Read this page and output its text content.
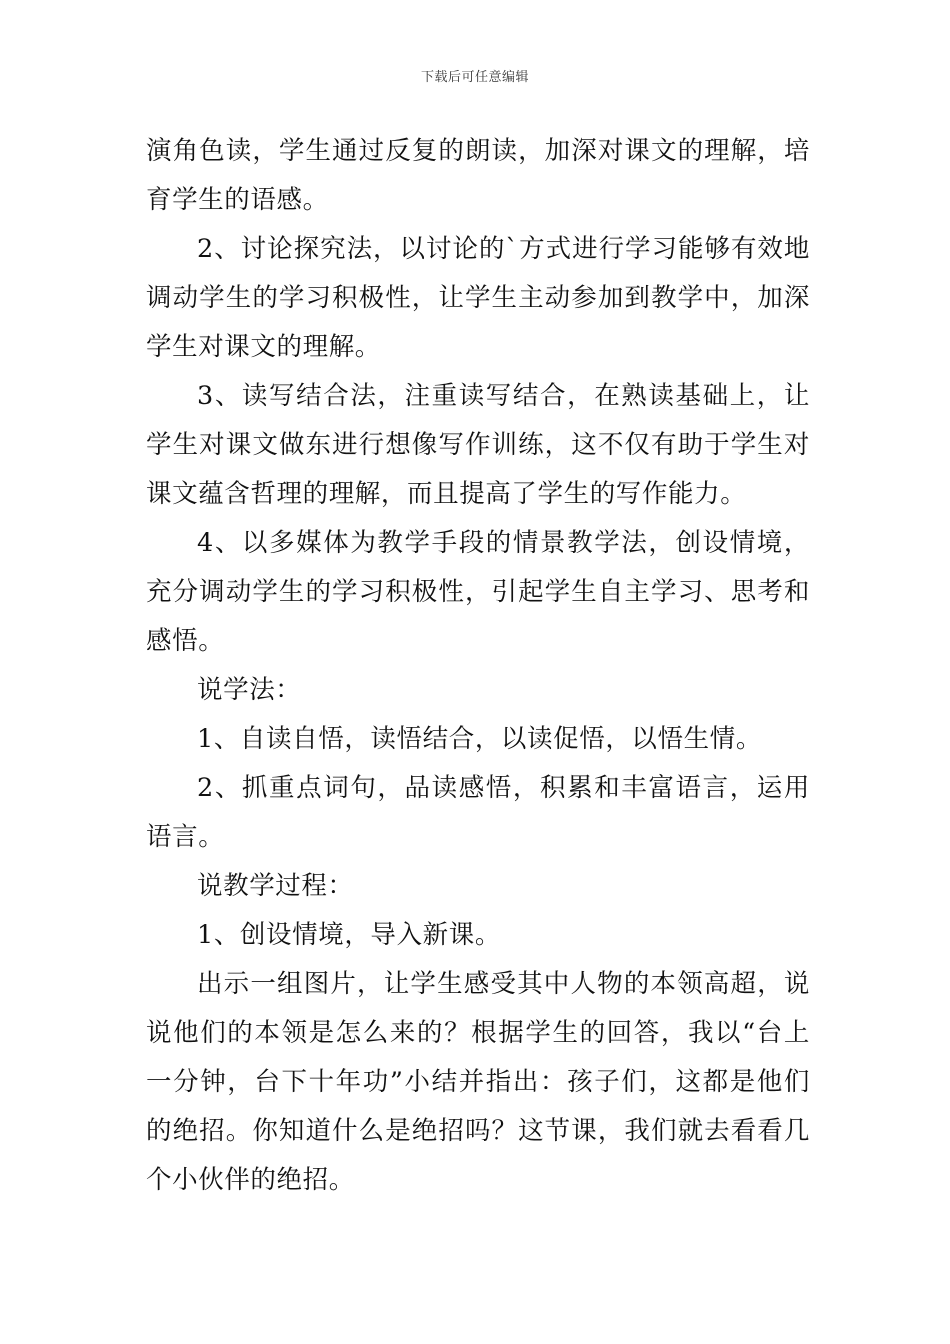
下载后可任意编辑

演角色读，学生通过反复的朗读，加深对课文的理解，培育学生的语感。

2、讨论探究法，以讨论的`方式进行学习能够有效地调动学生的学习积极性，让学生主动参加到教学中，加深学生对课文的理解。

3、读写结合法，注重读写结合，在熟读基础上，让学生对课文做东进行想像写作训练，这不仅有助于学生对课文蕴含哲理的理解，而且提高了学生的写作能力。

4、以多媒体为教学手段的情景教学法，创设情境，充分调动学生的学习积极性，引起学生自主学习、思考和感悟。

说学法：

1、自读自悟，读悟结合，以读促悟，以悟生情。

2、抓重点词句，品读感悟，积累和丰富语言，运用语言。

说教学过程：

1、创设情境，导入新课。

出示一组图片，让学生感受其中人物的本领高超，说说他们的本领是怎么来的？根据学生的回答，我以“台上一分钟，台下十年功”小结并指出：孩子们，这都是他们的绝招。你知道什么是绝招吗？这节课，我们就去看看几个小伙伴的绝招。
